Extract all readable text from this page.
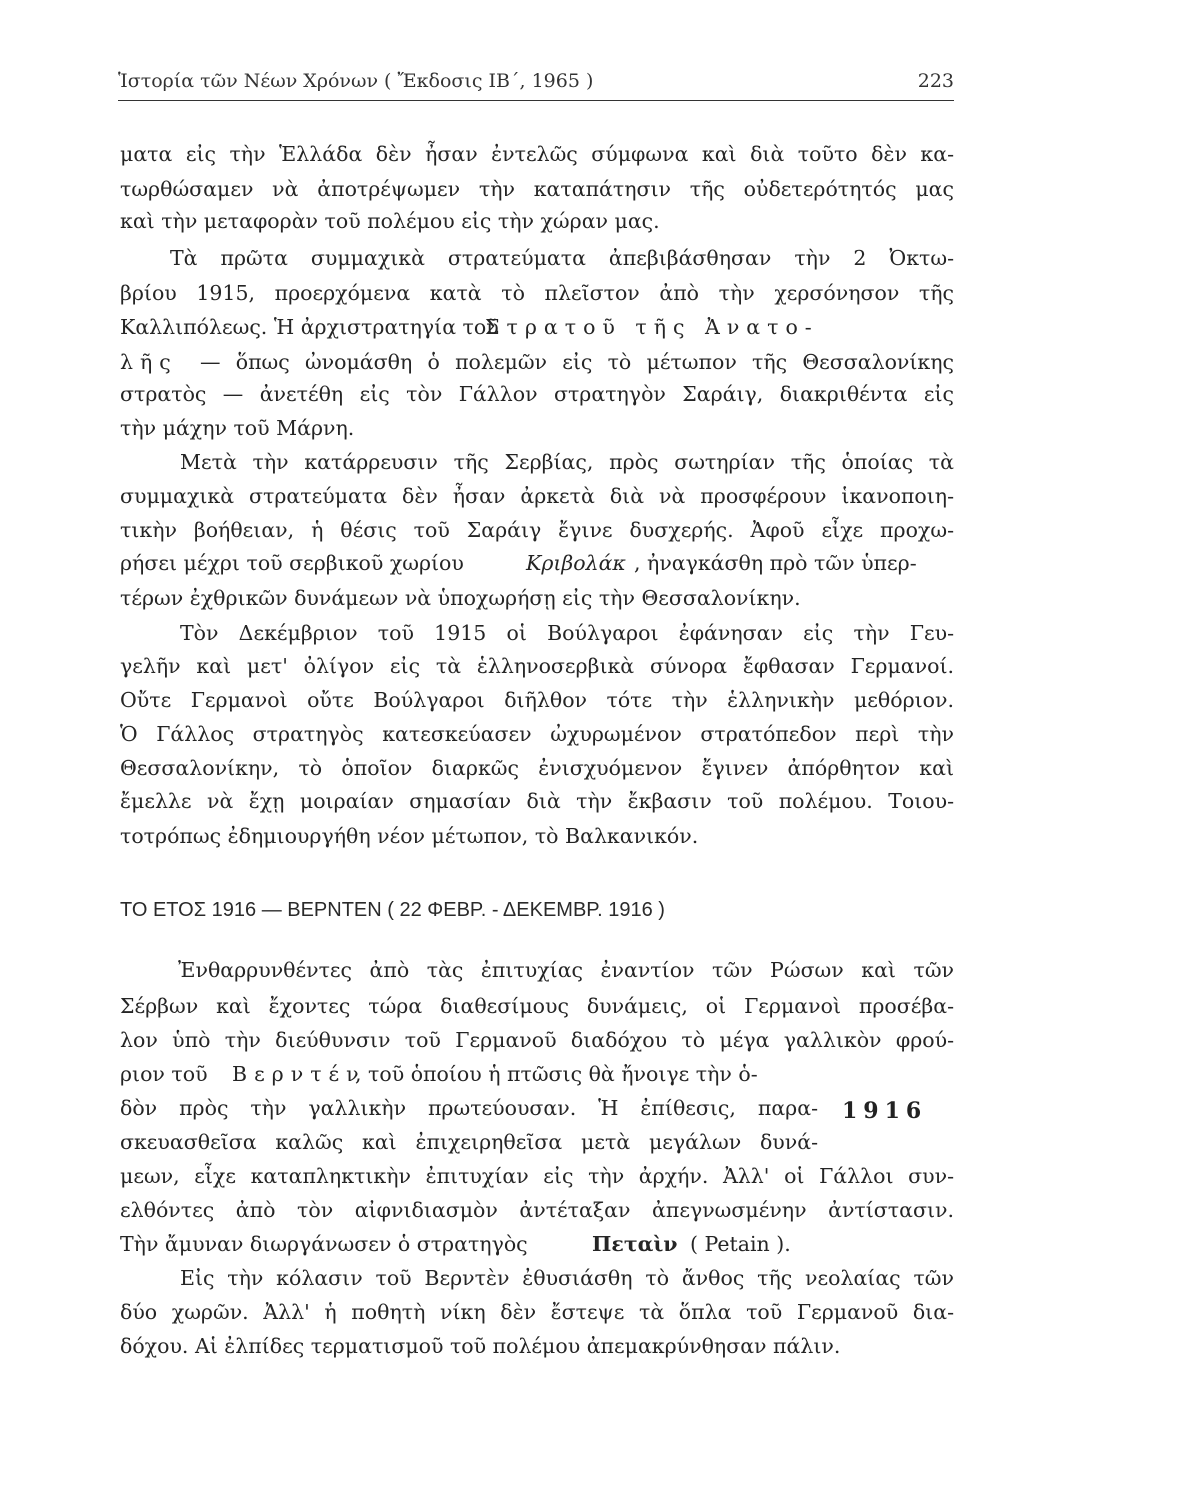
Ἱστορία τῶν Νέων Χρόνων ( Ἔκδοσις ΙΒ΄, 1965 )	223
ματα εἰς τὴν Ἑλλάδα δὲν ἦσαν ἐντελῶς σύμφωνα καὶ διὰ τοῦτο δὲν κα-
τωρθώσαμεν νὰ ἀποτρέψωμεν τὴν καταπάτησιν τῆς οὐδετερότητός μας
καὶ τὴν μεταφορὰν τοῦ πολέμου εἰς τὴν χώραν μας.
Τὰ πρῶτα συμμαχικὰ στρατεύματα ἀπεβιβάσθησαν τὴν 2 Ὀκτω-
βρίου 1915, προερχόμενα κατὰ τὸ πλεῖστον ἀπὸ τὴν χερσόνησον τῆς
Καλλιπόλεως. Ἡ ἀρχιστρατηγία τοῦ
Στρατοῦ τῆς Ἀνατο-
λῆς — ὅπως ὠνομάσθη ὁ πολεμῶν εἰς τὸ μέτωπον τῆς Θεσσαλονίκης
στρατὸς — ἀνετέθη εἰς τὸν Γάλλον στρατηγὸν Σαράιγ, διακριθέντα εἰς
τὴν μάχην τοῦ Μάρνη.
Μετὰ τὴν κατάρρευσιν τῆς Σερβίας, πρὸς σωτηρίαν τῆς ὁποίας τὰ
συμμαχικὰ στρατεύματα δὲν ἦσαν ἀρκετὰ διὰ νὰ προσφέρουν ἱκανοποιη-
τικὴν βοήθειαν, ἡ θέσις τοῦ Σαράιγ ἔγινε δυσχερής. Ἀφοῦ εἶχε προχω-
ρήσει μέχρι τοῦ σερβικοῦ χωρίου	Κριβολάκ , ἠναγκάσθη πρὸ τῶν ὑπερ-
τέρων ἐχθρικῶν δυνάμεων νὰ ὑποχωρήσῃ εἰς τὴν Θεσσαλονίκην.
Τὸν Δεκέμβριον τοῦ 1915 οἱ Βούλγαροι ἐφάνησαν εἰς τὴν Γευ-
γελῆν καὶ μετ' ὀλίγον εἰς τὰ ἑλληνοσερβικὰ σύνορα ἔφθασαν Γερμανοί.
Οὔτε Γερμανοὶ οὔτε Βούλγαροι διῆλθον τότε τὴν ἑλληνικὴν μεθόριον.
Ὁ Γάλλος στρατηγὸς κατεσκεύασεν ὠχυρωμένον στρατόπεδον περὶ τὴν
Θεσσαλονίκην, τὸ ὁποῖον διαρκῶς ἐνισχυόμενον ἔγινεν ἀπόρθητον καὶ
ἔμελλε νὰ ἔχῃ μοιραίαν σημασίαν διὰ τὴν ἔκβασιν τοῦ πολέμου. Τοιου-
τοτρόπως ἐδημιουργήθη νέον μέτωπον, τὸ Βαλκανικόν.
ΤΟ ΕΤΟΣ 1916 — ΒΕΡΝΤΕΝ ( 22 ΦΕΒΡ. - ΔΕΚΕΜΒΡ. 1916 )
Ἐνθαρρυνθέντες ἀπὸ τὰς ἐπιτυχίας ἐναντίον τῶν Ρώσων καὶ τῶν
Σέρβων καὶ ἔχοντες τώρα διαθεσίμους δυνάμεις, οἱ Γερμανοὶ προσέβα-
λον ὑπὸ τὴν διεύθυνσιν τοῦ Γερμανοῦ διαδόχου τὸ μέγα γαλλικὸν φρού-
ριον τοῦ Βερντέν
, τοῦ ὁποίου ἡ πτῶσις θὰ ἤνοιγε τὴν ὁ-
δὸν πρὸς τὴν γαλλικὴν πρωτεύουσαν. Ἡ ἐπίθεσις, παρα-
σκευασθεῖσα καλῶς καὶ ἐπιχειρηθεῖσα μετὰ μεγάλων δυνά-
μεων, εἶχε καταπληκτικὴν ἐπιτυχίαν εἰς τὴν ἀρχήν. Ἀλλ' οἱ Γάλλοι συν-
ελθόντες ἀπὸ τὸν αἰφνιδιασμὸν ἀντέταξαν ἀπεγνωσμένην ἀντίστασιν.
Τὴν ἄμυναν διωργάνωσεν ὁ στρατηγὸς	Πεταὶν ( Petain ).
Εἰς τὴν κόλασιν τοῦ Βερντὲν ἐθυσιάσθη τὸ ἄνθος τῆς νεολαίας τῶν
δύο χωρῶν. Ἀλλ' ἡ ποθητὴ νίκη δὲν ἔστεψε τὰ ὅπλα τοῦ Γερμανοῦ δια-
δόχου. Αἱ ἐλπίδες τερματισμοῦ τοῦ πολέμου ἀπεμακρύνθησαν πάλιν.
1916
